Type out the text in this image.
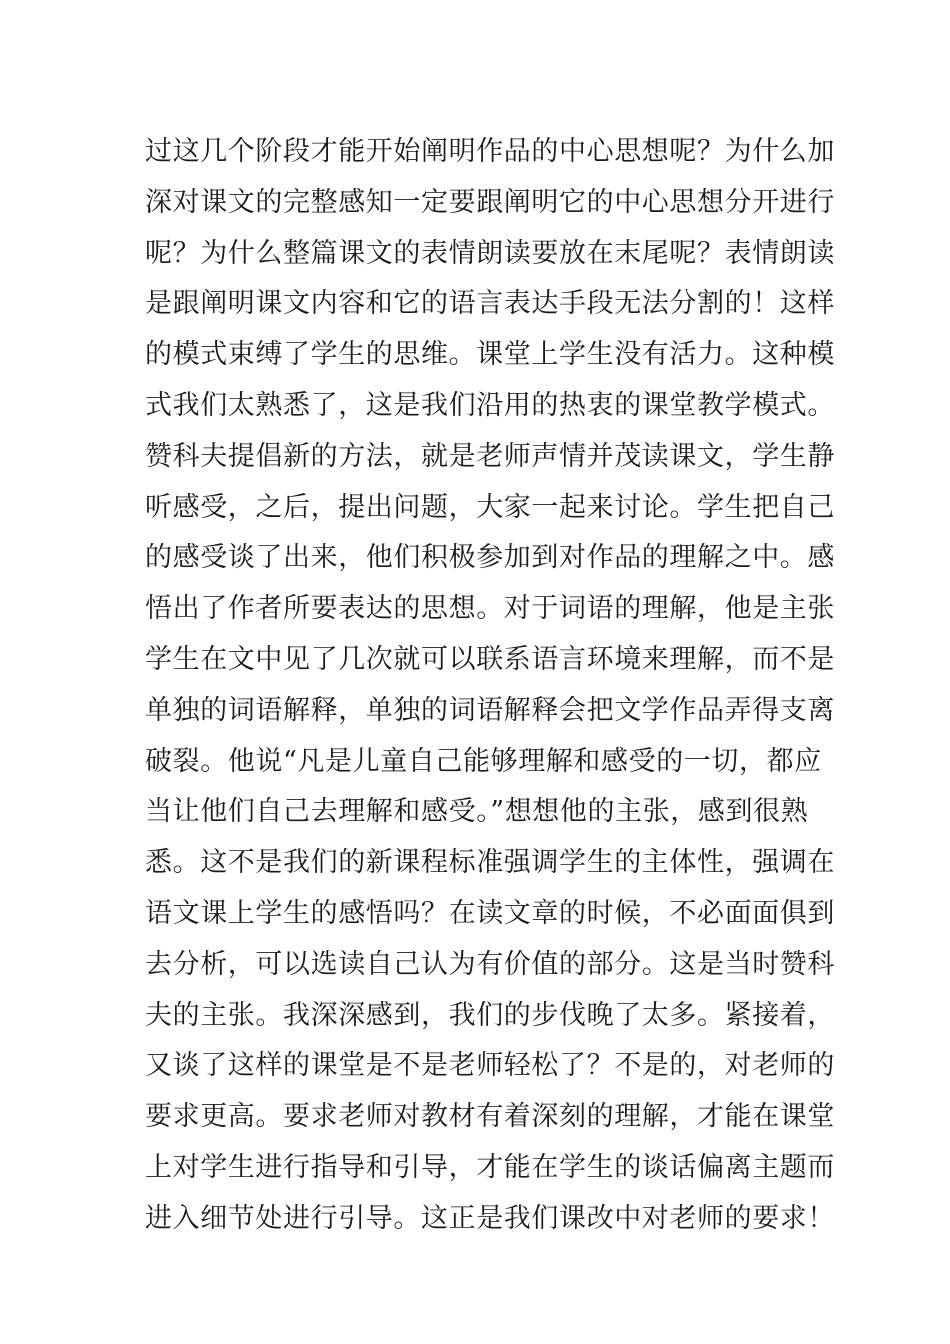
过这几个阶段才能开始阐明作品的中心思想呢？为什么加
深对课文的完整感知一定要跟阐明它的中心思想分开进行
呢？为什么整篇课文的表情朗读要放在末尾呢？表情朗读
是跟阐明课文内容和它的语言表达手段无法分割的！这样
的模式束缚了学生的思维。课堂上学生没有活力。这种模
式我们太熟悉了，这是我们沿用的热衷的课堂教学模式。
赞科夫提倡新的方法，就是老师声情并茂读课文，学生静
听感受，之后，提出问题，大家一起来讨论。学生把自己
的感受谈了出来，他们积极参加到对作品的理解之中。感
悟出了作者所要表达的思想。对于词语的理解，他是主张
学生在文中见了几次就可以联系语言环境来理解，而不是
单独的词语解释，单独的词语解释会把文学作品弄得支离
破裂。他说“凡是儿童自己能够理解和感受的一切，都应
当让他们自己去理解和感受。”想想他的主张，感到很熟
悉。这不是我们的新课程标准强调学生的主体性，强调在
语文课上学生的感悟吗？在读文章的时候，不必面面俱到
去分析，可以选读自己认为有价值的部分。这是当时赞科
夫的主张。我深深感到，我们的步伐晚了太多。紧接着，
又谈了这样的课堂是不是老师轻松了？不是的，对老师的
要求更高。要求老师对教材有着深刻的理解，才能在课堂
上对学生进行指导和引导，才能在学生的谈话偏离主题而
进入细节处进行引导。这正是我们课改中对老师的要求！
